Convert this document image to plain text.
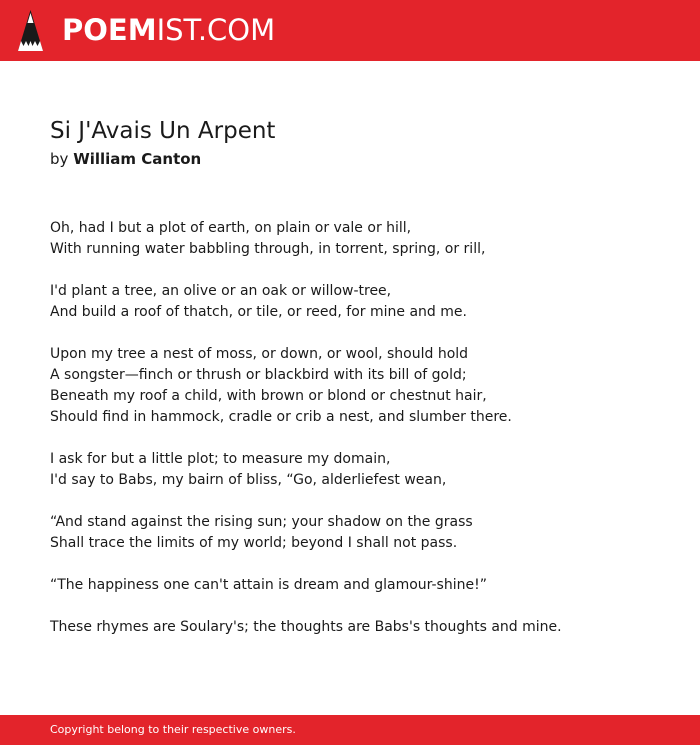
POEMIST.COM
Si J'Avais Un Arpent
by William Canton
Oh, had I but a plot of earth, on plain or vale or hill,
With running water babbling through, in torrent, spring, or rill,
I'd plant a tree, an olive or an oak or willow-tree,
And build a roof of thatch, or tile, or reed, for mine and me.
Upon my tree a nest of moss, or down, or wool, should hold
A songster—finch or thrush or blackbird with its bill of gold;
Beneath my roof a child, with brown or blond or chestnut hair,
Should find in hammock, cradle or crib a nest, and slumber there.
I ask for but a little plot; to measure my domain,
I'd say to Babs, my bairn of bliss, “Go, alderliefest wean,
“And stand against the rising sun; your shadow on the grass
Shall trace the limits of my world; beyond I shall not pass.
“The happiness one can't attain is dream and glamour-shine!”
These rhymes are Soulary's; the thoughts are Babs's thoughts and mine.
Copyright belong to their respective owners.
